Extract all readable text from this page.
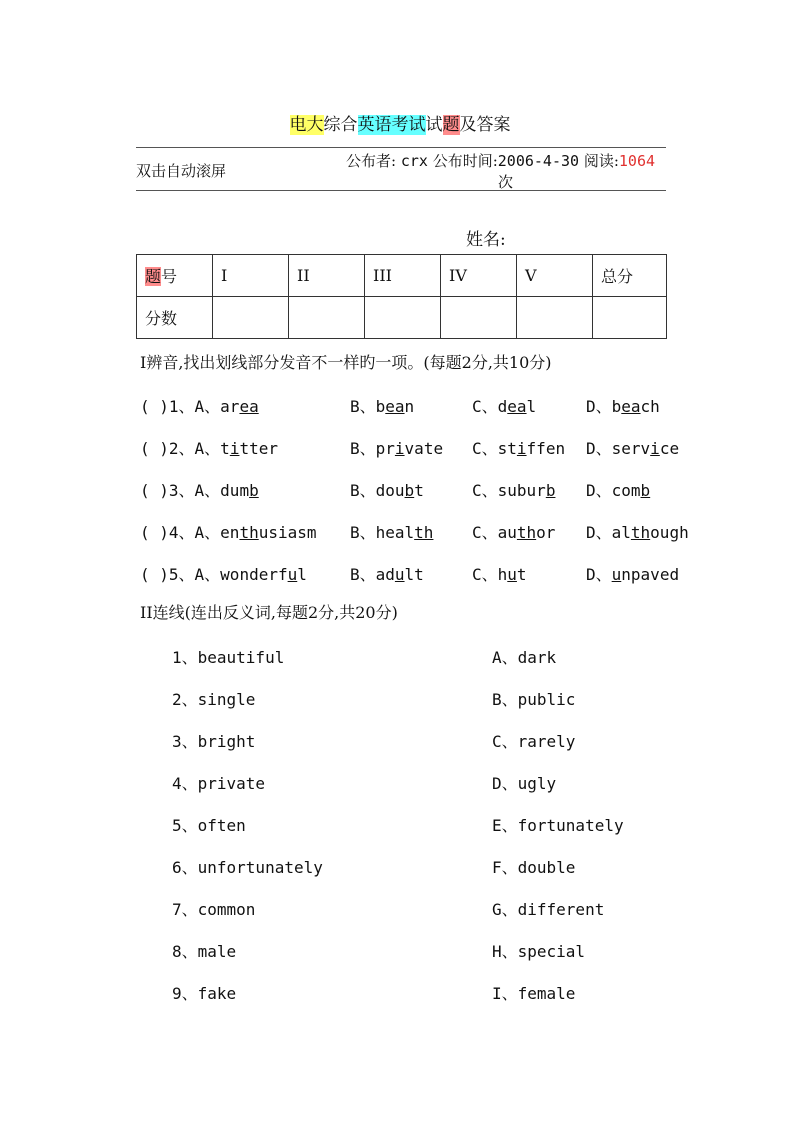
电大综合英语考试试题及答案
双击自动滚屏
公布者: crx 公布时间:2006-4-30 阅读:1064
次
姓名:
题号	I	II	III	IV	V	总分
分数						
I辨音,找出划线部分发音不一样旳一项。(每题2分,共10分)
( )1、A、area	B、bean	C、deal	D、beach
( )2、A、titter	B、private C、stiffen D、service
( )3、A、dumb	B、doubt	C、suburb D、comb
( )4、A、enthusiasm B、health C、author D、although
( )5、A、wonderful	B、adult	C、hut	D、unpaved
II连线(连出反义词,每题2分,共20分)
1、beautiful	A、dark
2、single	B、public
3、bright	C、rarely
4、private	D、ugly
5、often	E、fortunately
6、unfortunately	F、double
7、common	G、different
8、male	H、special
9、fake	I、female
